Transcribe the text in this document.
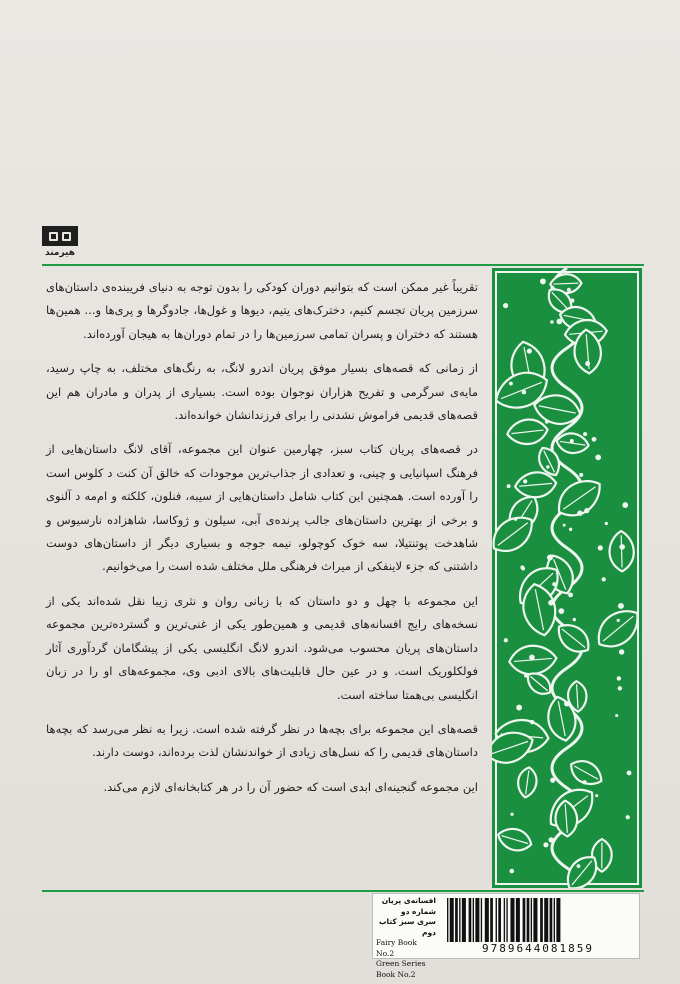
هیرمند

تقریباً غیر ممکن است که بتوانیم دوران کودکی را بدون توجه به دنیای فریبنده‌ی داستان‌های سرزمین پریان تجسم کنیم، دخترک‌های یتیم، دیوها و غول‌ها، جادوگرها و پری‌ها و... همین‌ها هستند که دختران و پسران تمامی سرزمین‌ها را در تمام دوران‌ها به هیجان آورده‌اند.

از زمانی که قصه‌های بسیار موفق پریان اندرو لانگ، به رنگ‌های مختلف، به چاپ رسید، مایه‌ی سرگرمی و تفریح هزاران نوجوان بوده است. بسیاری از پدران و مادران هم این قصه‌های قدیمی فراموش نشدنی را برای فرزندانشان خوانده‌اند.

در قصه‌های پریان کتاب سبز، چهارمین عنوان این مجموعه، آقای لانگ داستان‌هایی از فرهنگ اسپانیایی و چینی، و تعدادی از جذاب‌ترین موجودات که خالق آن کنت د کلوس است را آورده است. همچنین این کتاب شامل داستان‌هایی از سیبه، فنلون، کلکته و ام‌مه د آلنوی و برخی از بهترین داستان‌های جالب پرنده‌ی آبی، سیلون و ژوکاسا، شاهزاده نارسیوس و شاهدخت پوتنتیلا، سه خوک کوچولو، نیمه جوجه و بسیاری دیگر از داستان‌های دوست داشتنی که جزء لاینفکی از میراث فرهنگی ملل مختلف شده است را می‌خوانیم.

این مجموعه با چهل و دو داستان که با زبانی روان و نثری زیبا نقل شده‌اند یکی از نسخه‌های رایج افسانه‌های قدیمی و همین‌طور یکی از غنی‌ترین و گسترده‌ترین مجموعه داستان‌های پریان محسوب می‌شود. اندرو لانگ انگلیسی یکی از پیشگامان گردآوری آثار فولکلوریک است. و در عین حال قابلیت‌های بالای ادبی وی، مجموعه‌های او را در زبان انگلیسی بی‌همتا ساخته است.

قصه‌های این مجموعه برای بچه‌ها در نظر گرفته شده است. زیرا به نظر می‌رسد که بچه‌ها داستان‌های قدیمی را که نسل‌های زیادی از خواندنشان لذت برده‌اند، دوست دارند.

این مجموعه گنجینه‌ای ابدی است که حضور آن را در هر کتابخانه‌ای لازم می‌کند.

افسانه‌ی پریان شماره دو
سری سبز کتاب دوم
Fairy Book No.2
Green Series
Book No.2
9789644081859
